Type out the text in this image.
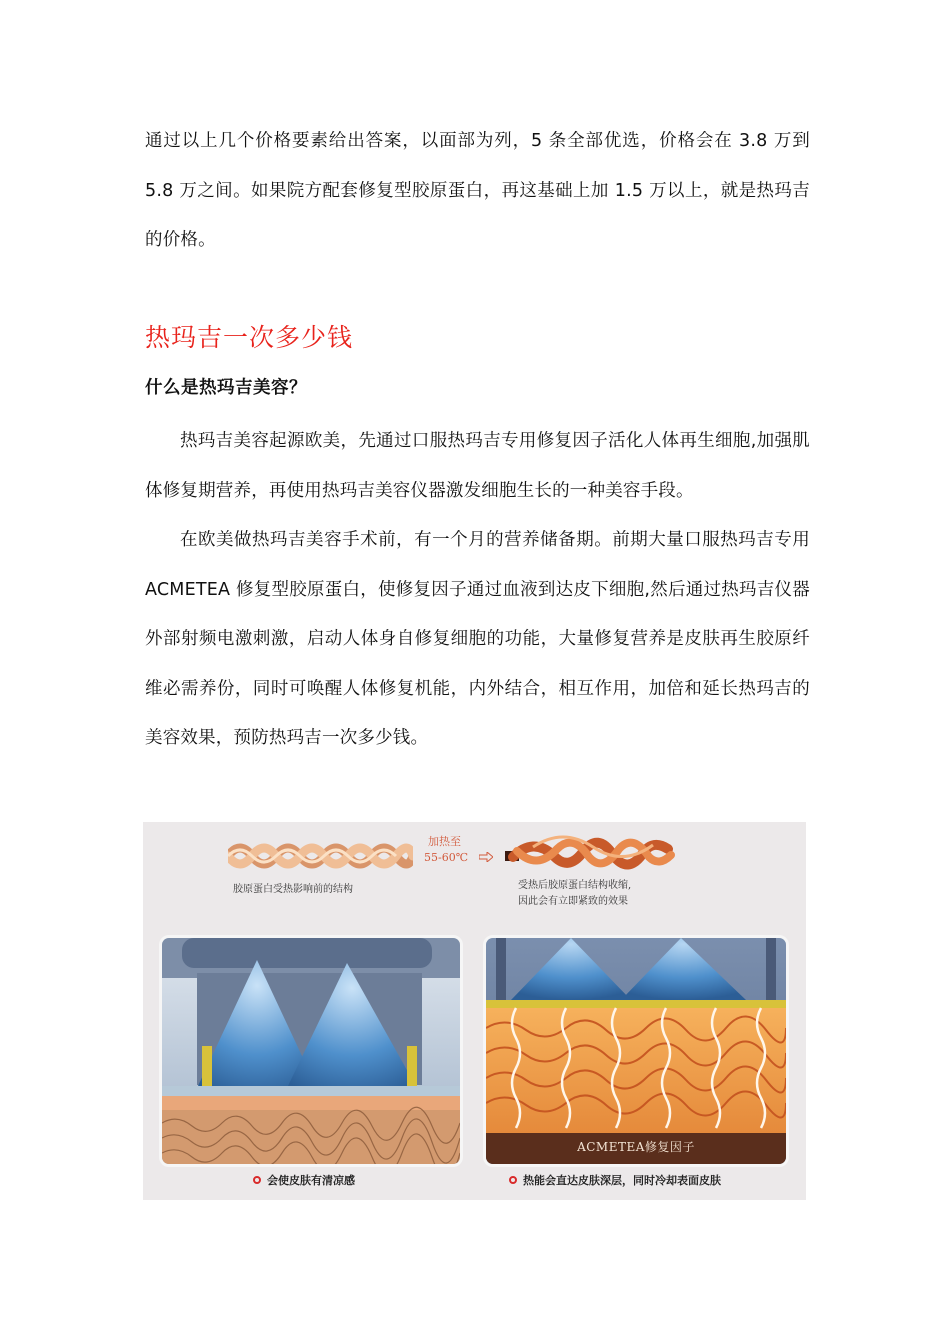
通过以上几个价格要素给出答案，以面部为列，5 条全部优选，价格会在 3.8 万到 5.8 万之间。如果院方配套修复型胶原蛋白，再这基础上加 1.5 万以上，就是热玛吉的价格。

热玛吉一次多少钱
什么是热玛吉美容？

热玛吉美容起源欧美，先通过口服热玛吉专用修复因子活化人体再生细胞,加强肌体修复期营养，再使用热玛吉美容仪器激发细胞生长的一种美容手段。

在欧美做热玛吉美容手术前，有一个月的营养储备期。前期大量口服热玛吉专用 ACMETEA 修复型胶原蛋白，使修复因子通过血液到达皮下细胞,然后通过热玛吉仪器外部射频电激刺激，启动人体身自修复细胞的功能，大量修复营养是皮肤再生胶原纤维必需养份，同时可唤醒人体修复机能，内外结合，相互作用，加倍和延长热玛吉的美容效果，预防热玛吉一次多少钱。

胶原蛋白受热影响前的结构
加热至
55-60℃
受热后胶原蛋白结构收缩,
因此会有立即紧致的效果
ACMETEA修复因子
会使皮肤有清凉感	热能会直达皮肤深层，同时冷却表面皮肤
